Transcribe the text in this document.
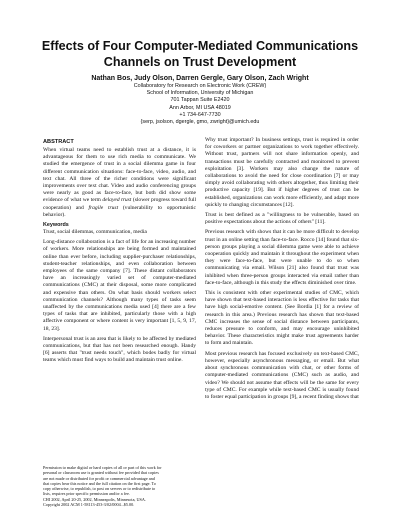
Effects of Four Computer-Mediated Communications
Channels on Trust Development
Nathan Bos, Judy Olson, Darren Gergle, Gary Olson, Zach Wright
Collaboratory for Research on Electronic Work (CREW)
School of Information, University of Michigan
701 Tappan Suite E2420
Ann Arbor, MI USA 48019
+1 734-647-7730
{serp, jsolson, dgergle, gmo, zwright}@umich.edu
ABSTRACT

When virtual teams need to establish trust at a distance, it is advantageous for them to use rich media to communicate. We studied the emergence of trust in a social dilemma game in four different communication situations: face-to-face, video, audio, and text chat. All three of the richer conditions were significant improvements over text chat. Video and audio conferencing groups were nearly as good as face-to-face, but both did show some evidence of what we term delayed trust (slower progress toward full cooperation) and fragile trust (vulnerability to opportunistic behavior).

Keywords

Trust, social dilemmas, communication, media

Long-distance collaboration is a fact of life for an increasing number of workers. More relationships are being formed and maintained online than ever before, including supplier-purchaser relationships, student-teacher relationships, and even collaboration between employees of the same company [7]. These distant collaborators have an increasingly varied set of computer-mediated communications (CMC) at their disposal, some more complicated and expensive than others. On what basis should workers select communication channels? Although many types of tasks seem unaffected by the communications media used [4] there are a few types of tasks that are inhibited, particularly those with a high affective component or where content is very important [1, 5, 9, 17, 18, 23].

Interpersonal trust is an area that is likely to be affected by mediated communications, but that has not been researched enough. Handy [6] asserts that "trust needs touch", which bodes badly for virtual teams which must find ways to build and maintain trust online.

Permission to make digital or hard copies of all or part of this work for

personal or classroom use is granted without fee provided that copies

are not made or distributed for profit or commercial advantage and

that copies bear this notice and the full citation on the first page. To

copy otherwise, to republish, to post on servers or to redistribute to

lists, requires prior specific permission and/or a fee.

CHI 2002, April 20-25, 2002, Minneapolis, Minnesota, USA.

Copyright 2002 ACM 1-58113-453-3/02/0004...$5.00.

Why trust important? In business settings, trust is required in order for coworkers or partner organizations to work together effectively. Without trust, partners will not share information openly, and transactions must be carefully contracted and monitored to prevent exploitation [3]. Workers may also change the nature of collaborations to avoid the need for close coordination [7] or may simply avoid collaborating with others altogether, thus limiting their productive capacity [19]. But if higher degrees of trust can be established, organizations can work more efficiently, and adapt more quickly to changing circumstances [12].

Trust is best defined as a "willingness to be vulnerable, based on positive expectations about the actions of others" [11].

Previous research with shows that it can be more difficult to develop trust in an online setting than face-to-face. Rocco [14] found that six-person groups playing a social dilemma game were able to achieve cooperation quickly and maintain it throughout the experiment when they were face-to-face, but were unable to do so when communicating via email. Wilson [21] also found that trust was inhibited when three-person groups interacted via email rather than face-to-face, although in this study the effects diminished over time.

This is consistent with other experimental studies of CMC, which have shown that text-based interaction is less effective for tasks that have high social-emotive content. (See Bordia [1] for a review of research in this area.) Previous research has shown that text-based CMC increases the sense of social distance between participants, reduces pressure to conform, and may encourage uninhibited behavior. These characteristics might make trust agreements harder to form and maintain.

Most previous research has focused exclusively on text-based CMC, however, especially asynchronous messaging, or email. But what about synchronous communication with chat, or other forms of computer-mediated communications (CMC) such as audio, and video? We should not assume that effects will be the same for every type of CMC. For example while text-based CMC is usually found to foster equal participation in groups [9], a recent finding shows that
